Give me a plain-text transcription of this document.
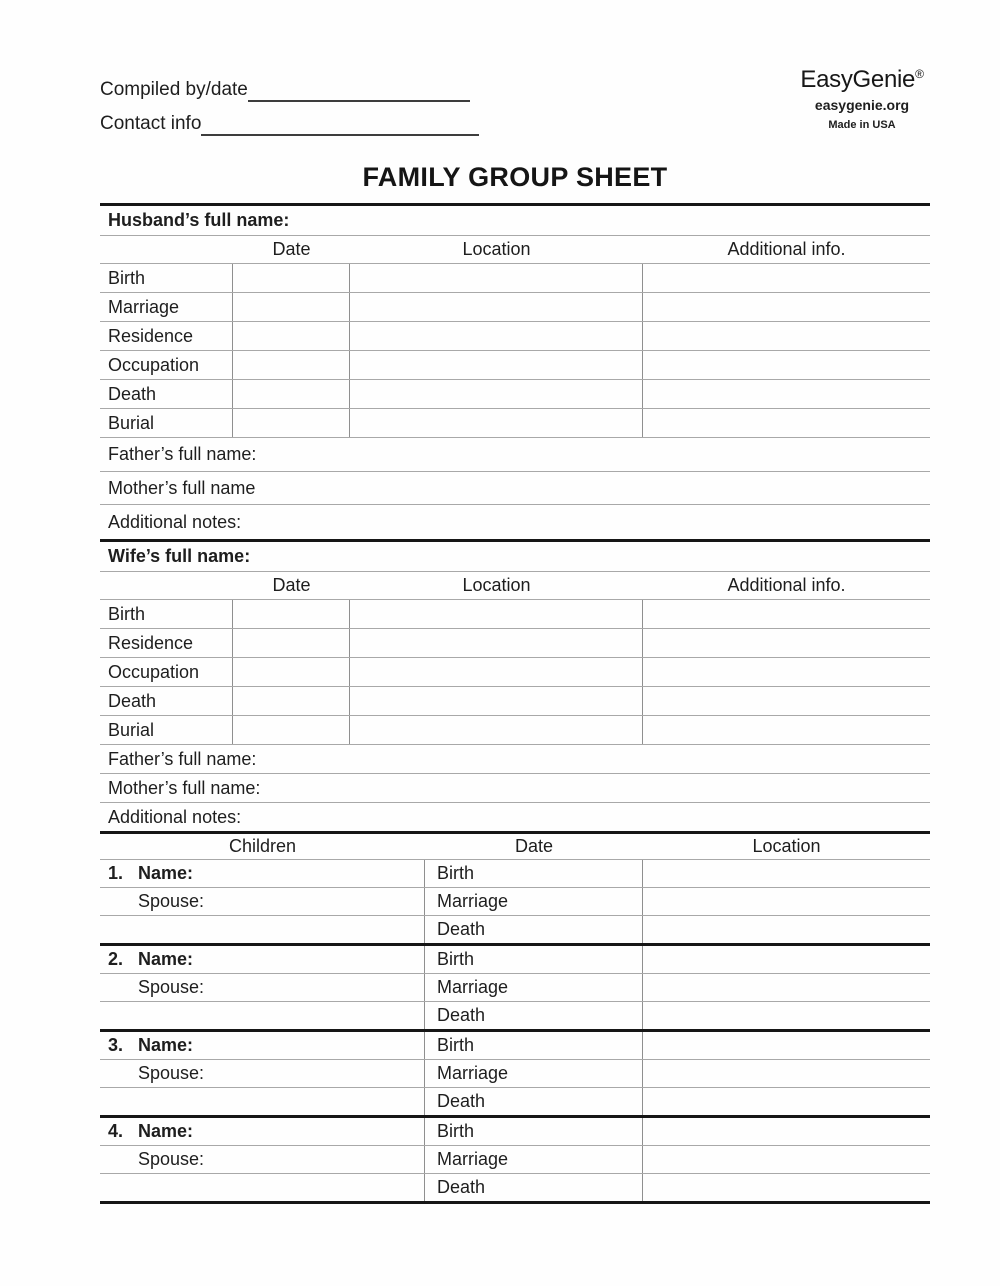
Compiled by/date
Contact info
EasyGenie®
easygenie.org
Made in USA
FAMILY GROUP SHEET
Husband’s full name:
Date	Location	Additional info.
Birth
Marriage
Residence
Occupation
Death
Burial
Father’s full name:
Mother’s full name
Additional notes:
Wife’s full name:
Date	Location	Additional info.
Birth
Residence
Occupation
Death
Burial
Father’s full name:
Mother’s full name:
Additional notes:
Children	Date	Location
1. Name:	Birth
Spouse:	Marriage
Death
2. Name:	Birth
Spouse:	Marriage
Death
3. Name:	Birth
Spouse:	Marriage
Death
4. Name:	Birth
Spouse:	Marriage
Death
